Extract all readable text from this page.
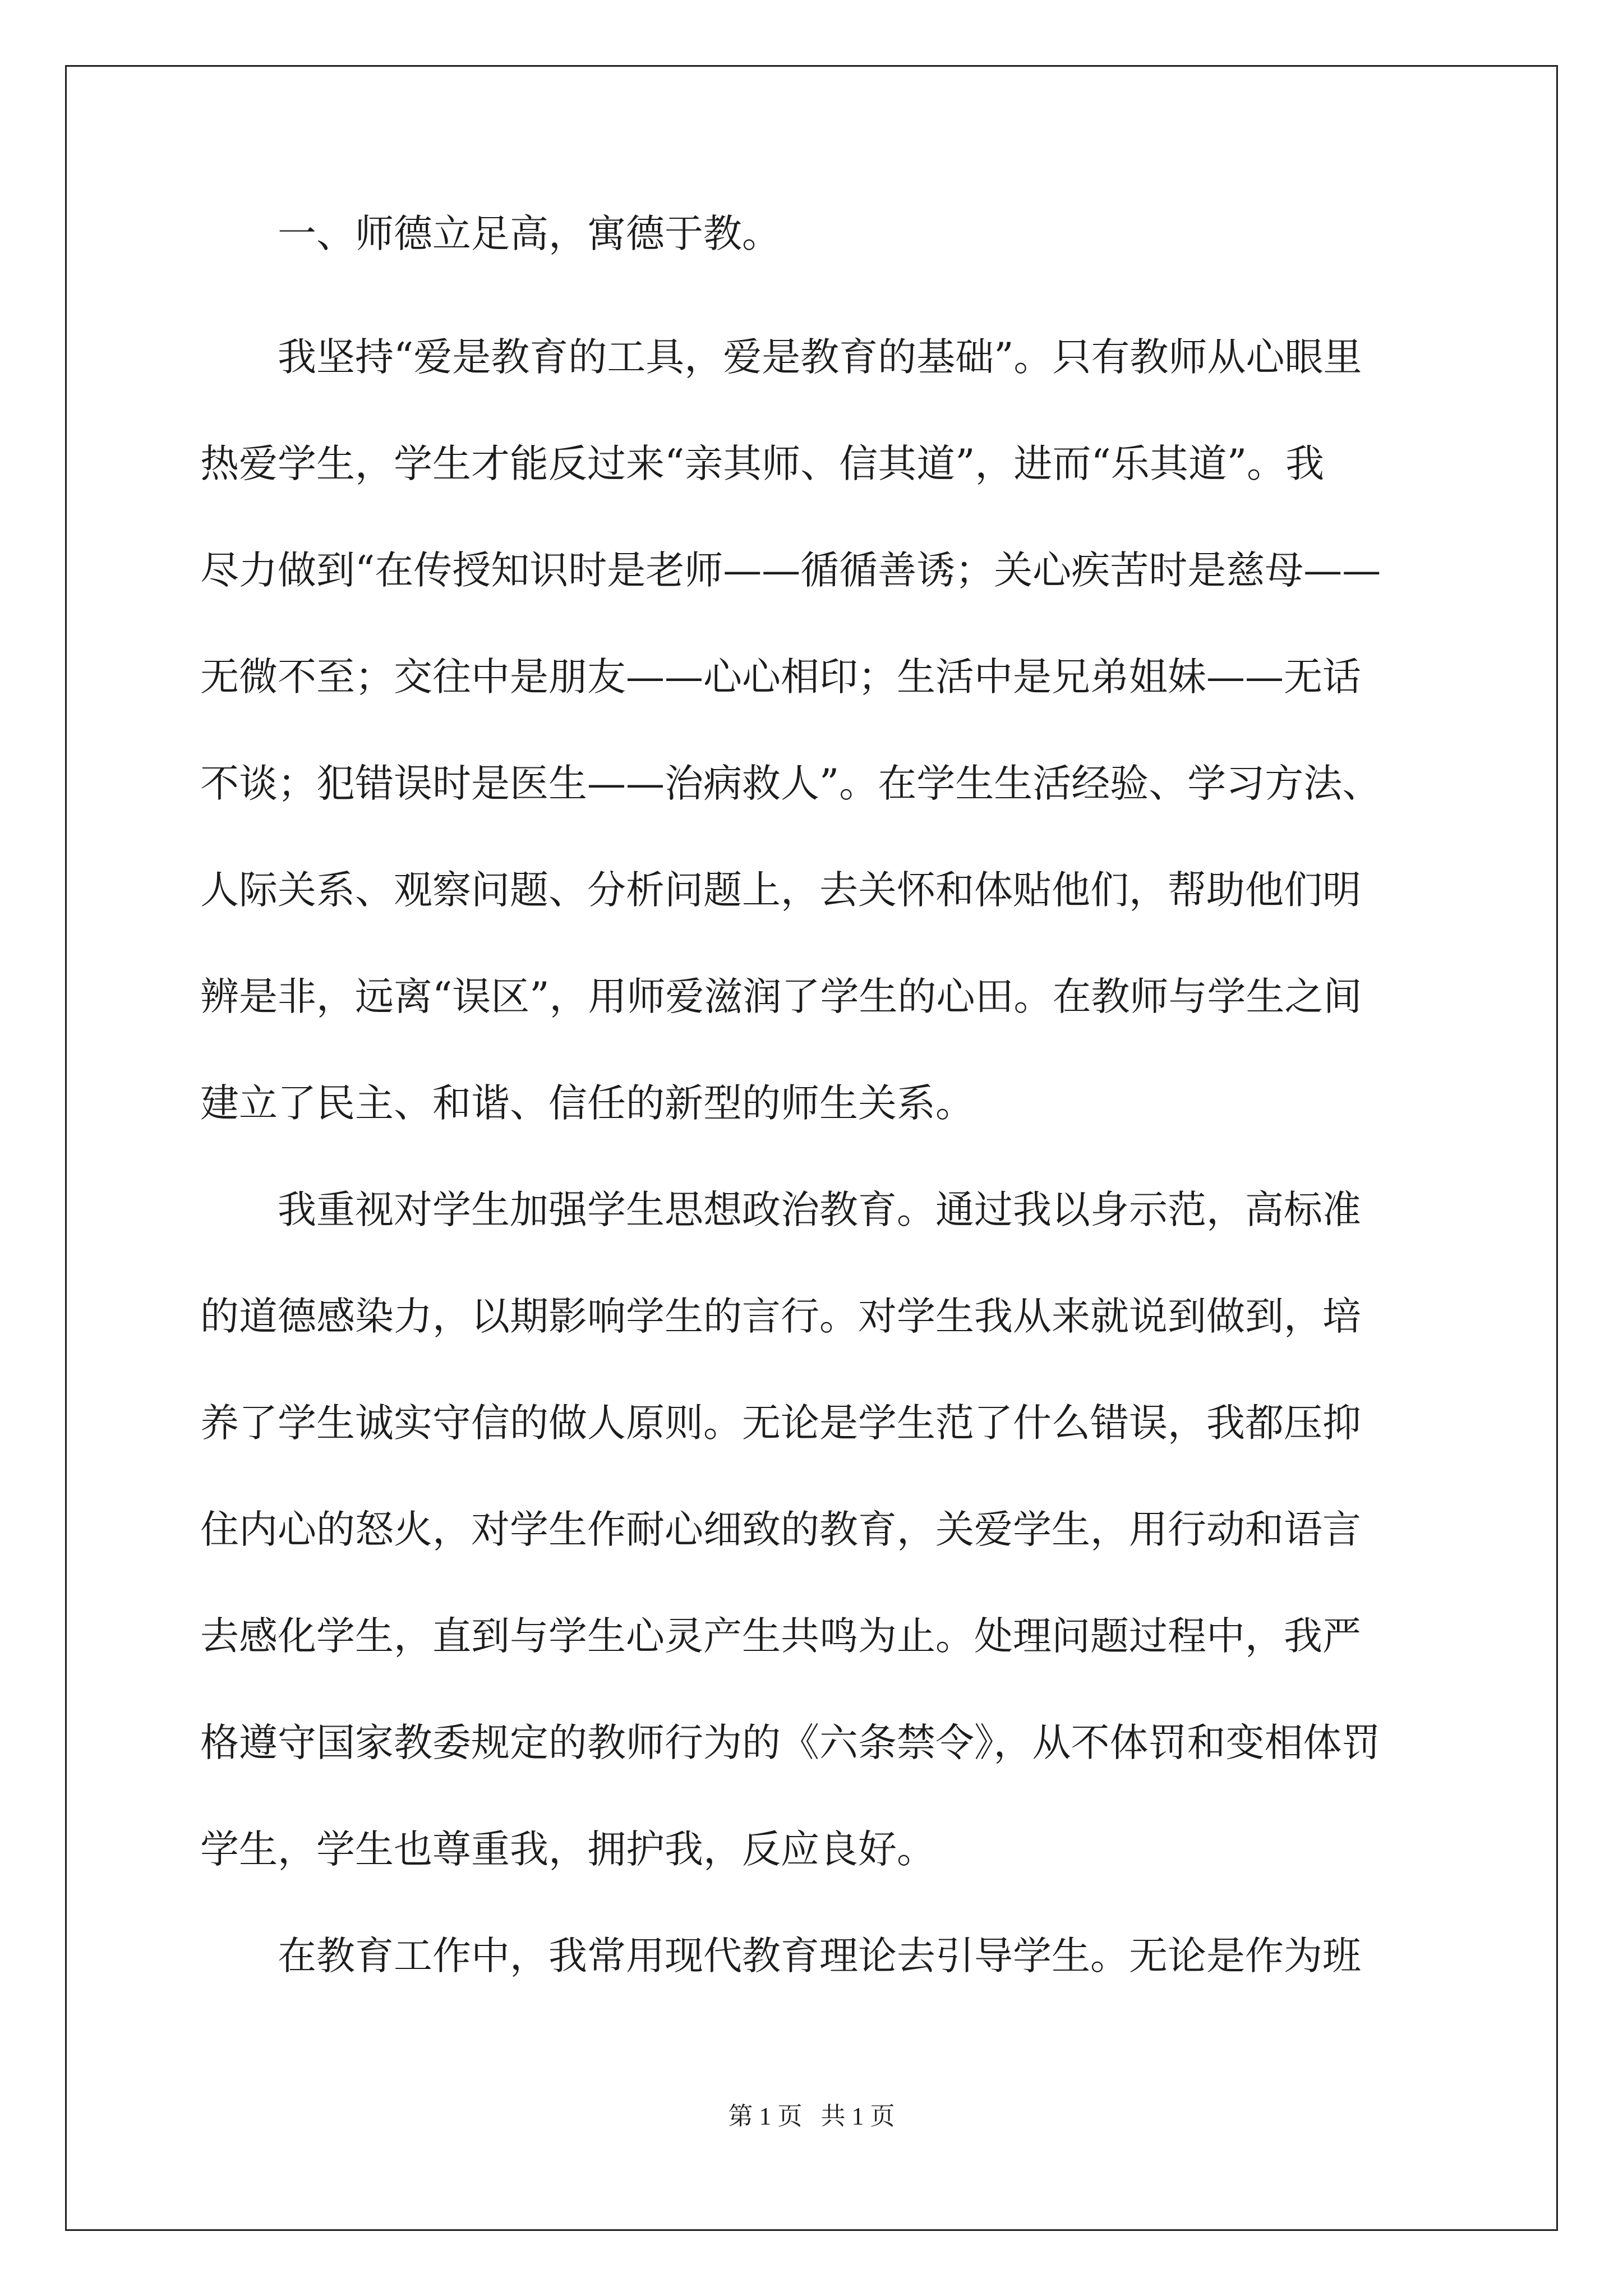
　　一、师德立足高，寓德于教。
　　我坚持“爱是教育的工具，爱是教育的基础”。只有教师从心眼里
热爱学生，学生才能反过来“亲其师、信其道”，进而“乐其道”。我
尽力做到“在传授知识时是老师——循循善诱；关心疾苦时是慈母——
无微不至；交往中是朋友——心心相印；生活中是兄弟姐妹——无话
不谈；犯错误时是医生——治病救人”。在学生生活经验、学习方法、
人际关系、观察问题、分析问题上，去关怀和体贴他们，帮助他们明
辨是非，远离“误区”，用师爱滋润了学生的心田。在教师与学生之间
建立了民主、和谐、信任的新型的师生关系。
　　我重视对学生加强学生思想政治教育。通过我以身示范，高标准
的道德感染力，以期影响学生的言行。对学生我从来就说到做到，培
养了学生诚实守信的做人原则。无论是学生范了什么错误，我都压抑
住内心的怒火，对学生作耐心细致的教育，关爱学生，用行动和语言
去感化学生，直到与学生心灵产生共鸣为止。处理问题过程中，我严
格遵守国家教委规定的教师行为的《六条禁令》，从不体罚和变相体罚
学生，学生也尊重我，拥护我，反应良好。
　　在教育工作中，我常用现代教育理论去引导学生。无论是作为班
第 1 页   共 1 页
